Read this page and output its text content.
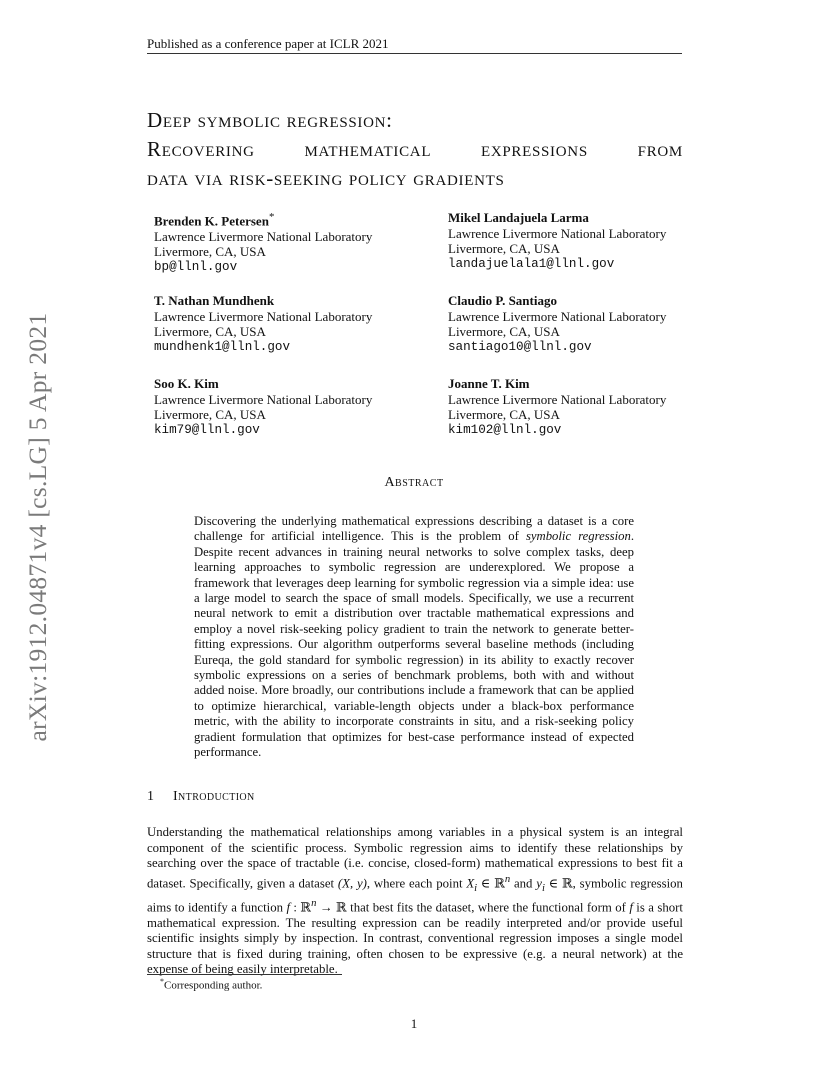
Published as a conference paper at ICLR 2021
arXiv:1912.04871v4 [cs.LG] 5 Apr 2021
Deep symbolic regression:
Recovering mathematical expressions from
data via risk-seeking policy gradients
Brenden K. Petersen*
Lawrence Livermore National Laboratory
Livermore, CA, USA
bp@llnl.gov
Mikel Landajuela Larma
Lawrence Livermore National Laboratory
Livermore, CA, USA
landajuelala1@llnl.gov
T. Nathan Mundhenk
Lawrence Livermore National Laboratory
Livermore, CA, USA
mundhenk1@llnl.gov
Claudio P. Santiago
Lawrence Livermore National Laboratory
Livermore, CA, USA
santiago10@llnl.gov
Soo K. Kim
Lawrence Livermore National Laboratory
Livermore, CA, USA
kim79@llnl.gov
Joanne T. Kim
Lawrence Livermore National Laboratory
Livermore, CA, USA
kim102@llnl.gov
Abstract
Discovering the underlying mathematical expressions describing a dataset is a core challenge for artificial intelligence. This is the problem of symbolic regression. Despite recent advances in training neural networks to solve complex tasks, deep learning approaches to symbolic regression are underexplored. We propose a framework that leverages deep learning for symbolic regression via a simple idea: use a large model to search the space of small models. Specifically, we use a recurrent neural network to emit a distribution over tractable mathematical expressions and employ a novel risk-seeking policy gradient to train the network to generate better-fitting expressions. Our algorithm outperforms several baseline methods (including Eureqa, the gold standard for symbolic regression) in its ability to exactly recover symbolic expressions on a series of benchmark problems, both with and without added noise. More broadly, our contributions include a framework that can be applied to optimize hierarchical, variable-length objects under a black-box performance metric, with the ability to incorporate constraints in situ, and a risk-seeking policy gradient formulation that optimizes for best-case performance instead of expected performance.
1 Introduction
Understanding the mathematical relationships among variables in a physical system is an integral component of the scientific process. Symbolic regression aims to identify these relationships by searching over the space of tractable (i.e. concise, closed-form) mathematical expressions to best fit a dataset. Specifically, given a dataset (X, y), where each point $X_i$ ∈ ℝ$^n$ and $y_i$ ∈ ℝ, symbolic regression aims to identify a function f : ℝ$^n$ → ℝ that best fits the dataset, where the functional form of f is a short mathematical expression. The resulting expression can be readily interpreted and/or provide useful scientific insights simply by inspection. In contrast, conventional regression imposes a single model structure that is fixed during training, often chosen to be expressive (e.g. a neural network) at the expense of being easily interpretable.
*Corresponding author.
1
